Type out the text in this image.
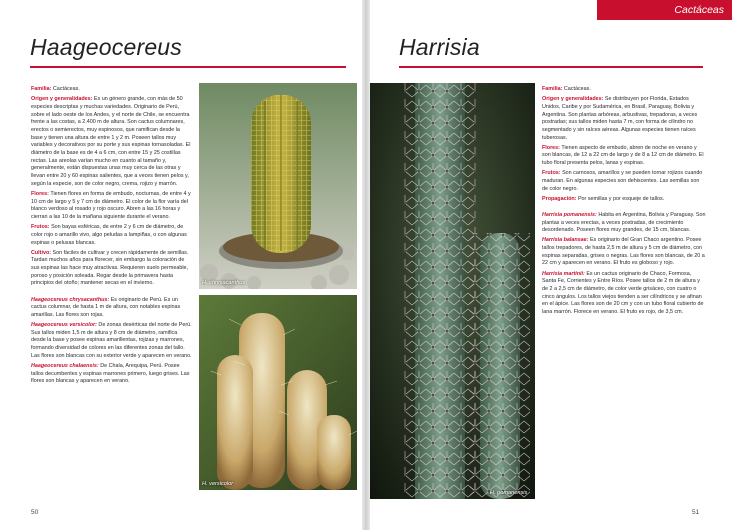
Cactáceas
Haageocereus

Familia: Cactáceas.

Origen y generalidades: Es un género grande, con más de 50 especies descriptas y muchas variedades. Originario de Perú, sobre el lado oeste de los Andes, y el norte de Chile, se encuentra frente a las costas, a 2.400 m de altura. Son cactus columnares, erectos o semierectos, muy espinosos, que ramifican desde la base y tienen una altura de entre 1 y 2 m. Poseen tallos muy variables y decorativos por su porte y sus espinas tornasoladas. El diámetro de la base es de 4 a 6 cm, con entre 15 y 25 costillas rectas. Las areolas varían mucho en cuanto al tamaño y, generalmente, están dispuestas unas muy cerca de las otras y llevan entre 20 y 60 espinas salientes, que a veces tienen pelos y, según la especie, son de color negro, crema, rojizo y marrón.

Flores: Tienen flores en forma de embudo, nocturnas, de entre 4 y 10 cm de largo y 5 y 7 cm de diámetro. El color de la flor varía del blanco verdoso al rosado y rojo oscuro. Abren a las 16 horas y cierran a las 10 de la mañana siguiente durante el verano.

Frutos: Son bayas esféricas, de entre 2 y 6 cm de diámetro, de color rojo o amarillo vivo, algo peludas a lampiñas, o con algunas espinas o pelusas blancas.

Cultivo: Son fáciles de cultivar y crecen rápidamente de semillas. Tardan muchos años para florecer, sin embargo la coloración de sus espinas las hace muy atractivas. Requieren suelo permeable, poroso y posición soleada. Regar desde la primavera hasta principios del otoño; mantener secas en el invierno.

Haageocereus chrysacanthus: Es originario de Perú. Es un cactus columnar, de hasta 1 m de altura, con notables espinas amarillas. Las flores son rojas.

Haageocereus versicolor: De zonas desérticas del norte de Perú. Sus tallos miden 1,5 m de altura y 8 cm de diámetro, ramifica desde la base y posee espinas amarillentas, rojizas y marrones, formando diversidad de colores en las diferentes zonas del tallo. Las flores son blancas con su exterior verde y aparecen en verano.

Haageocereus chalaensis: De Chala, Arequipa, Perú. Posee tallos decumbentes y espinas marrones primero, luego grises. Las flores son blancas y aparecen en verano.

H. chrysacanthus
H. versicolor
50
Harrisia
H. pomanensis

Familia: Cactáceas.

Origen y generalidades: Se distribuyen por Florida, Estados Unidos, Caribe y por Sudamérica, en Brasil, Paraguay, Bolivia y Argentina. Son plantas arbóreas, arbustivas, trepadoras, a veces postradas; sus tallos miden hasta 7 m, con forma de cilindro no segmentado y sin raíces aéreas. Algunas especies tienen raíces tuberosas.

Flores: Tienen aspecto de embudo, abren de noche en verano y son blancas, de 12 a 22 cm de largo y de 8 a 12 cm de diámetro. El tubo floral presenta pelos, lanas y espinas.

Frutos: Son carnosos, amarillos y se pueden tornar rojizos cuando maduran. En algunas especies son dehiscentes. Las semillas son de color negro.

Propagación: Por semillas y por esqueje de tallos.

Harrisia pomanensis: Habita en Argentina, Bolivia y Paraguay. Son plantas a veces erectas, a veces postradas, de crecimiento desordenado. Poseen flores muy grandes, de 15 cm, blancas.

Harrisia balansae: Es originario del Gran Chaco argentino. Posee tallos trepadores, de hasta 2,5 m de altura y 5 cm de diámetro, con espinas separadas, grises o negras. Las flores son blancas, de 20 a 22 cm y aparecen en verano. El fruto es globoso y rojo.

Harrisia martinii: Es un cactus originario de Chaco, Formosa, Santa Fe, Corrientes y Entre Ríos. Posee tallos de 2 m de altura y de 2 a 2,5 cm de diámetro, de color verde grisáceo, con cuatro o cinco ángulos. Los tallos viejos tienden a ser cilíndricos y se afinan en el ápice. Las flores son de 20 cm y con un tubo floral cubierto de lana marrón. Florece en verano. El fruto es rojo, de 3,5 cm.

51
